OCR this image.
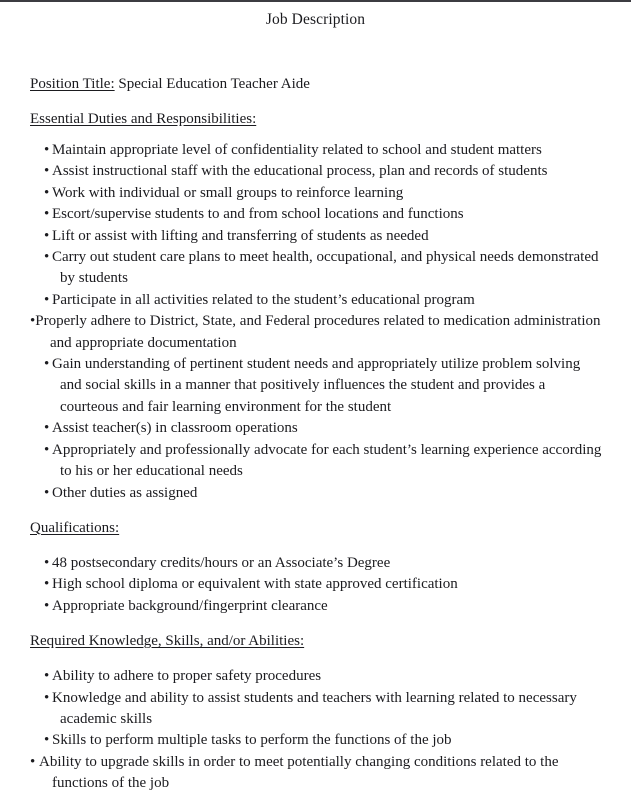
Job Description
Position Title: Special Education Teacher Aide
Essential Duties and Responsibilities:
• Maintain appropriate level of confidentiality related to school and student matters
• Assist instructional staff with the educational process, plan and records of students
• Work with individual or small groups to reinforce learning
• Escort/supervise students to and from school locations and functions
• Lift or assist with lifting and transferring of students as needed
• Carry out student care plans to meet health, occupational, and physical needs demonstrated by students
• Participate in all activities related to the student’s educational program
• Properly adhere to District, State, and Federal procedures related to medication administration and appropriate documentation
• Gain understanding of pertinent student needs and appropriately utilize problem solving and social skills in a manner that positively influences the student and provides a courteous and fair learning environment for the student
• Assist teacher(s) in classroom operations
• Appropriately and professionally advocate for each student’s learning experience according to his or her educational needs
• Other duties as assigned
Qualifications:
• 48 postsecondary credits/hours or an Associate’s Degree
• High school diploma or equivalent with state approved certification
• Appropriate background/fingerprint clearance
Required Knowledge, Skills, and/or Abilities:
• Ability to adhere to proper safety procedures
• Knowledge and ability to assist students and teachers with learning related to necessary academic skills
• Skills to perform multiple tasks to perform the functions of the job
• Ability to upgrade skills in order to meet potentially changing conditions related to the functions of the job
